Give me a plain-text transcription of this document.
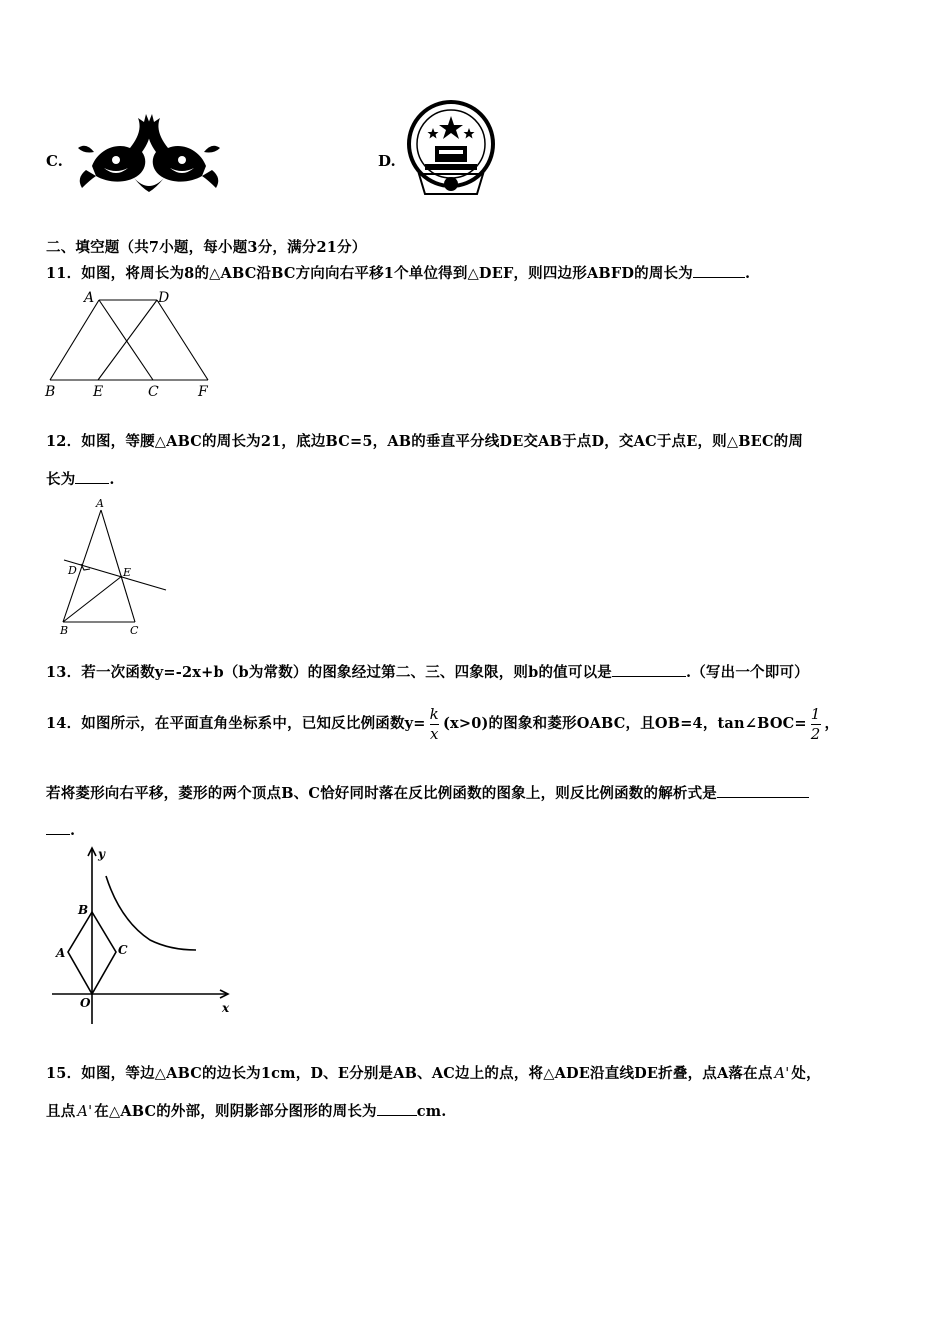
C.	D.
二、填空题（共7小题，每小题3分，满分21分）
11．如图，将周长为8的△ABC沿BC方向向右平移1个单位得到△DEF，则四边形ABFD的周长为	.
A	D
B	E	C	F
12．如图，等腰△ABC的周长为21，底边BC=5，AB的垂直平分线DE交AB于点D，交AC于点E，则△BEC的周
长为 .
A
D	E
B	C
13．若一次函数y=-2x+b（b为常数）的图象经过第二、三、四象限，则b的值可以是	.（写出一个即可）
14．如图所示，在平面直角坐标系中，已知反比例函数$y= \frac{k}{x} (x>0)$的图象和菱形OABC，且OB=4，tan∠BOC= $\frac{1}{2}$ ，
若将菱形向右平移，菱形的两个顶点B、C恰好同时落在反比例函数的图象上，则反比例函数的解析式是
.
y
B
A	C
O	x
15．如图，等边△ABC的边长为1cm，D、E分别是AB、AC边上的点，将△ADE沿直线DE折叠，点A落在点 A' 处，
且点 A' 在△ABC的外部，则阴影部分图形的周长为	cm.
